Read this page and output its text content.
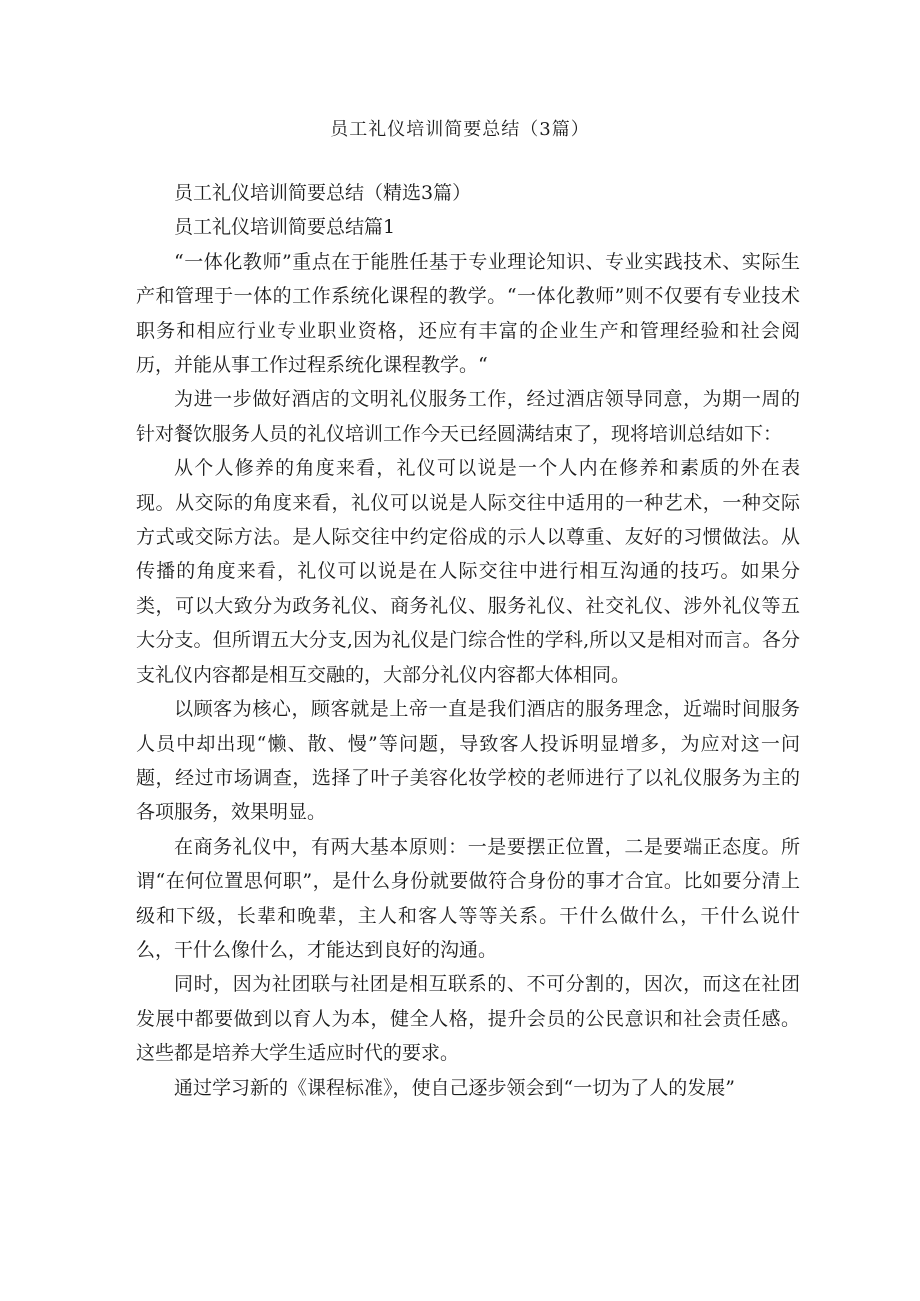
员工礼仪培训简要总结（3篇）

员工礼仪培训简要总结（精选3篇）

员工礼仪培训简要总结篇1

“一体化教师”重点在于能胜任基于专业理论知识、专业实践技术、实际生产和管理于一体的工作系统化课程的教学。“一体化教师”则不仅要有专业技术职务和相应行业专业职业资格，还应有丰富的企业生产和管理经验和社会阅历，并能从事工作过程系统化课程教学。“

为进一步做好酒店的文明礼仪服务工作，经过酒店领导同意，为期一周的针对餐饮服务人员的礼仪培训工作今天已经圆满结束了，现将培训总结如下：

从个人修养的角度来看，礼仪可以说是一个人内在修养和素质的外在表现。从交际的角度来看，礼仪可以说是人际交往中适用的一种艺术，一种交际方式或交际方法。是人际交往中约定俗成的示人以尊重、友好的习惯做法。从传播的角度来看，礼仪可以说是在人际交往中进行相互沟通的技巧。如果分类，可以大致分为政务礼仪、商务礼仪、服务礼仪、社交礼仪、涉外礼仪等五大分支。但所谓五大分支,因为礼仪是门综合性的学科,所以又是相对而言。各分支礼仪内容都是相互交融的，大部分礼仪内容都大体相同。

以顾客为核心，顾客就是上帝一直是我们酒店的服务理念，近端时间服务人员中却出现“懒、散、慢”等问题，导致客人投诉明显增多，为应对这一问题，经过市场调查，选择了叶子美容化妆学校的老师进行了以礼仪服务为主的各项服务，效果明显。

在商务礼仪中，有两大基本原则：一是要摆正位置，二是要端正态度。所谓“在何位置思何职”，是什么身份就要做符合身份的事才合宜。比如要分清上级和下级，长辈和晚辈，主人和客人等等关系。干什么做什么，干什么说什么，干什么像什么，才能达到良好的沟通。

同时，因为社团联与社团是相互联系的、不可分割的，因次，而这在社团发展中都要做到以育人为本，健全人格，提升会员的公民意识和社会责任感。这些都是培养大学生适应时代的要求。

通过学习新的《课程标准》，使自己逐步领会到“一切为了人的发展”
